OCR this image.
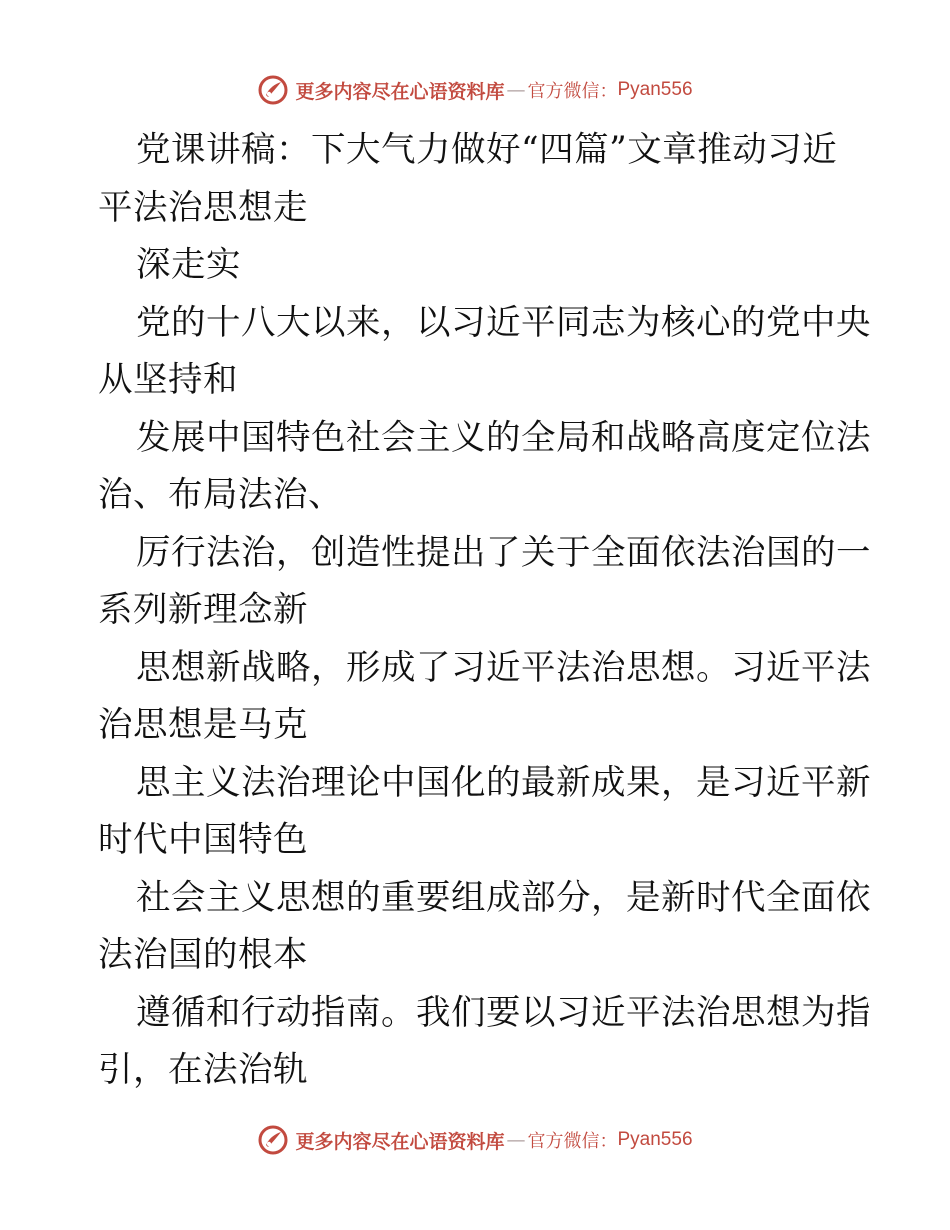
更多内容尽在心语资料库 — 官方微信： Pyan556
党课讲稿：下大气力做好“四篇”文章推动习近
平法治思想走
深走实
党的十八大以来，以习近平同志为核心的党中央
从坚持和
发展中国特色社会主义的全局和战略高度定位法
治、布局法治、
厉行法治，创造性提出了关于全面依法治国的一
系列新理念新
思想新战略，形成了习近平法治思想。习近平法
治思想是马克
思主义法治理论中国化的最新成果，是习近平新
时代中国特色
社会主义思想的重要组成部分，是新时代全面依
法治国的根本
遵循和行动指南。我们要以习近平法治思想为指
引，在法治轨
更多内容尽在心语资料库 — 官方微信： Pyan556
